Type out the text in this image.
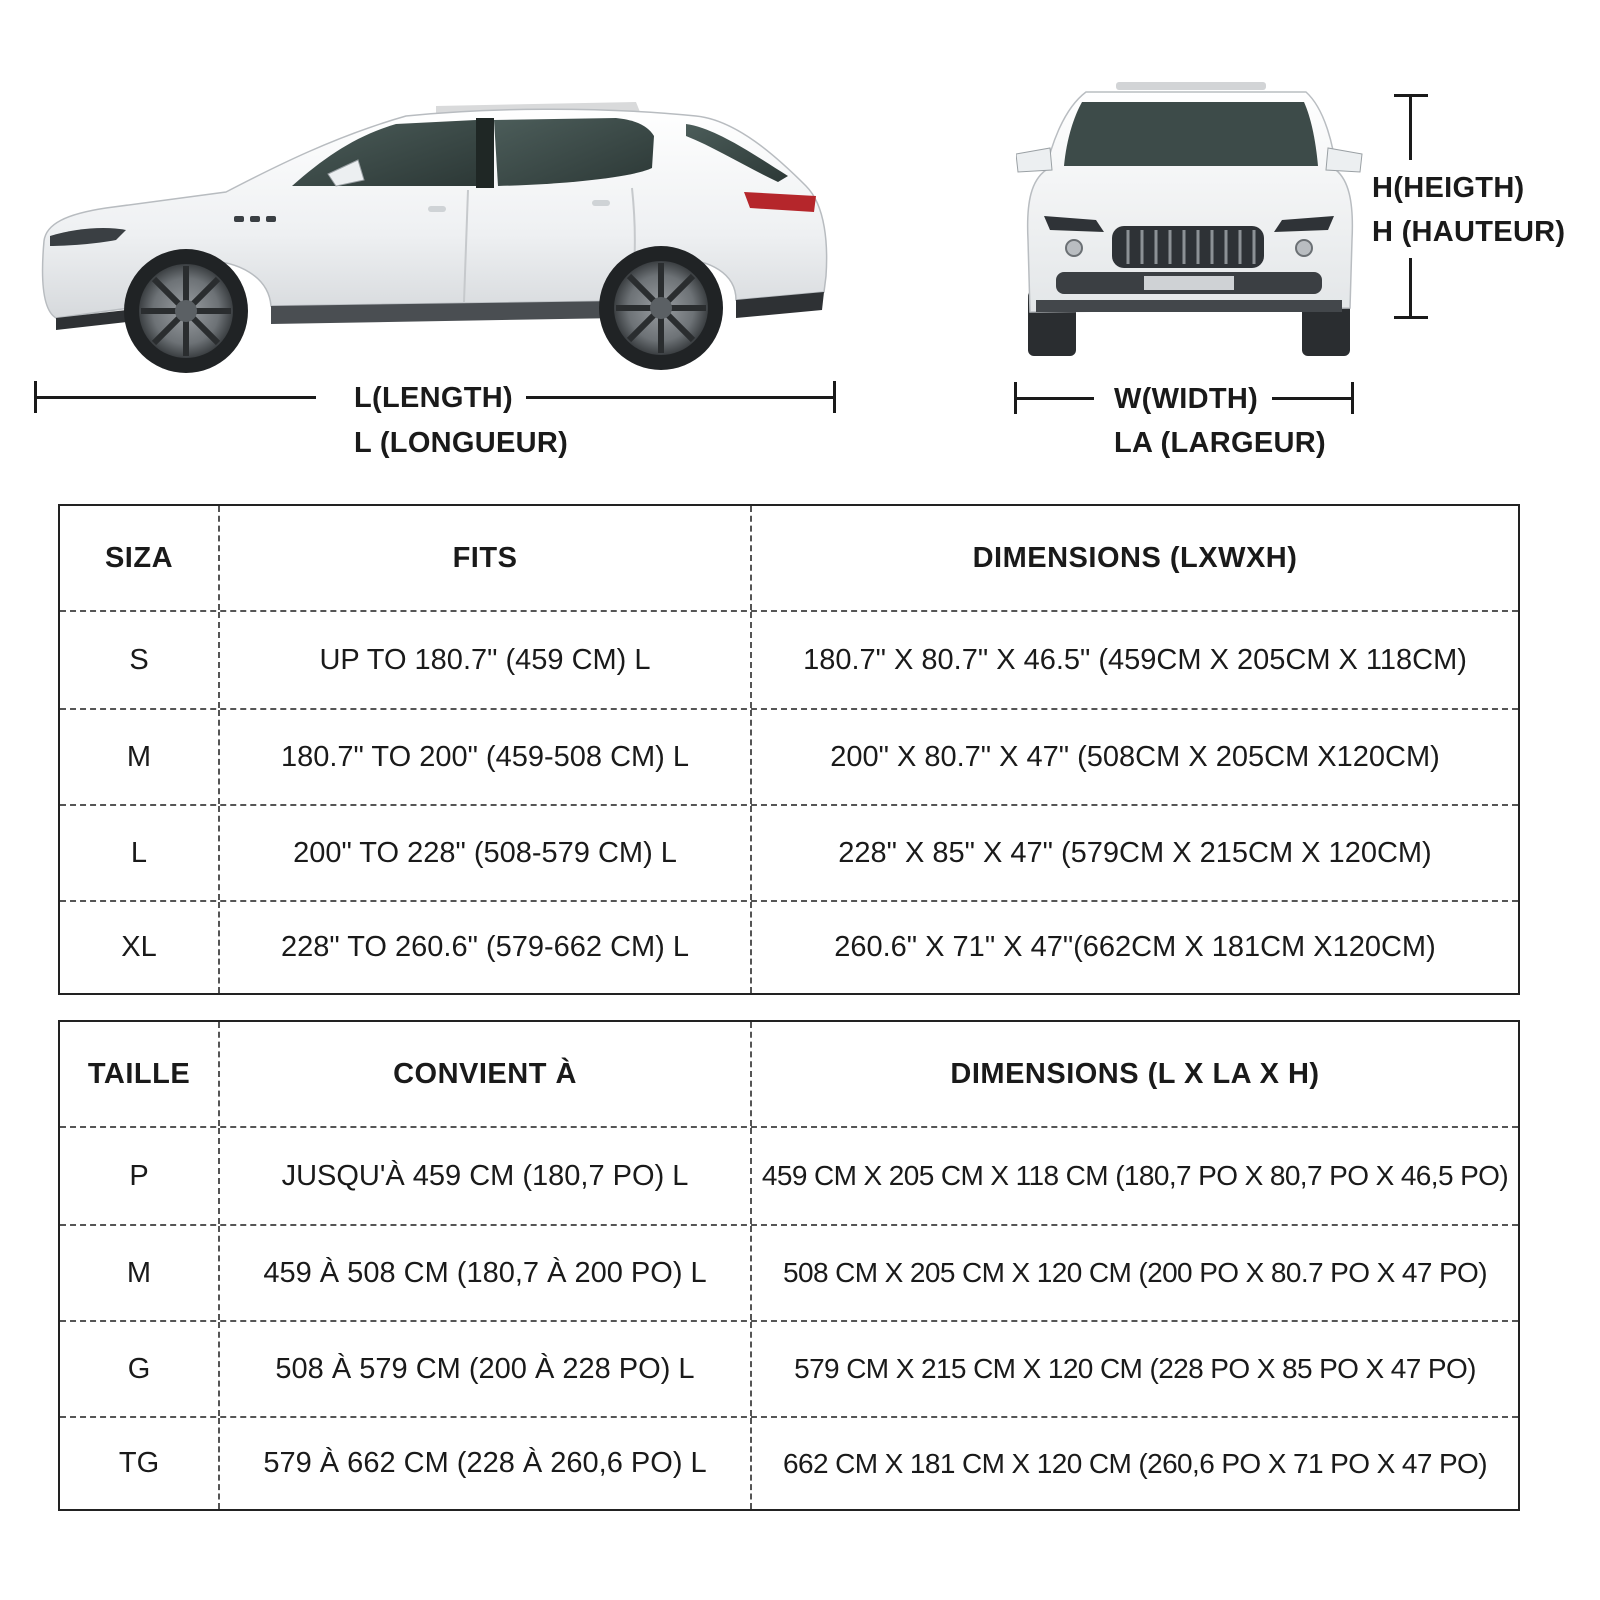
L(LENGTH)
L (LONGUEUR)
W(WIDTH)
LA (LARGEUR)
H(HEIGTH)
H (HAUTEUR)
SIZA	FITS	DIMENSIONS (LXWXH)
S	UP TO 180.7" (459 CM) L	180.7" X 80.7" X 46.5" (459CM X 205CM X 118CM)
M	180.7" TO 200" (459-508 CM) L	200" X 80.7" X 47" (508CM X 205CM X120CM)
L	200" TO 228" (508-579 CM) L	228" X 85" X 47" (579CM X 215CM X 120CM)
XL	228" TO 260.6" (579-662 CM) L	260.6" X 71" X 47"(662CM X 181CM X120CM)
TAILLE	CONVIENT À	DIMENSIONS (L X LA X H)
P	JUSQU'À 459 CM (180,7 PO) L	459 CM X 205 CM X 118 CM (180,7 PO X 80,7 PO X 46,5 PO)
M	459 À 508 CM (180,7 À 200 PO) L	508 CM X 205 CM X 120 CM (200 PO X 80.7 PO X 47 PO)
G	508 À 579 CM (200 À 228 PO) L	579 CM X 215 CM X 120 CM (228 PO X 85 PO X 47 PO)
TG	579 À 662 CM (228 À 260,6 PO) L	662 CM X 181 CM X 120 CM (260,6 PO X 71 PO X 47 PO)
